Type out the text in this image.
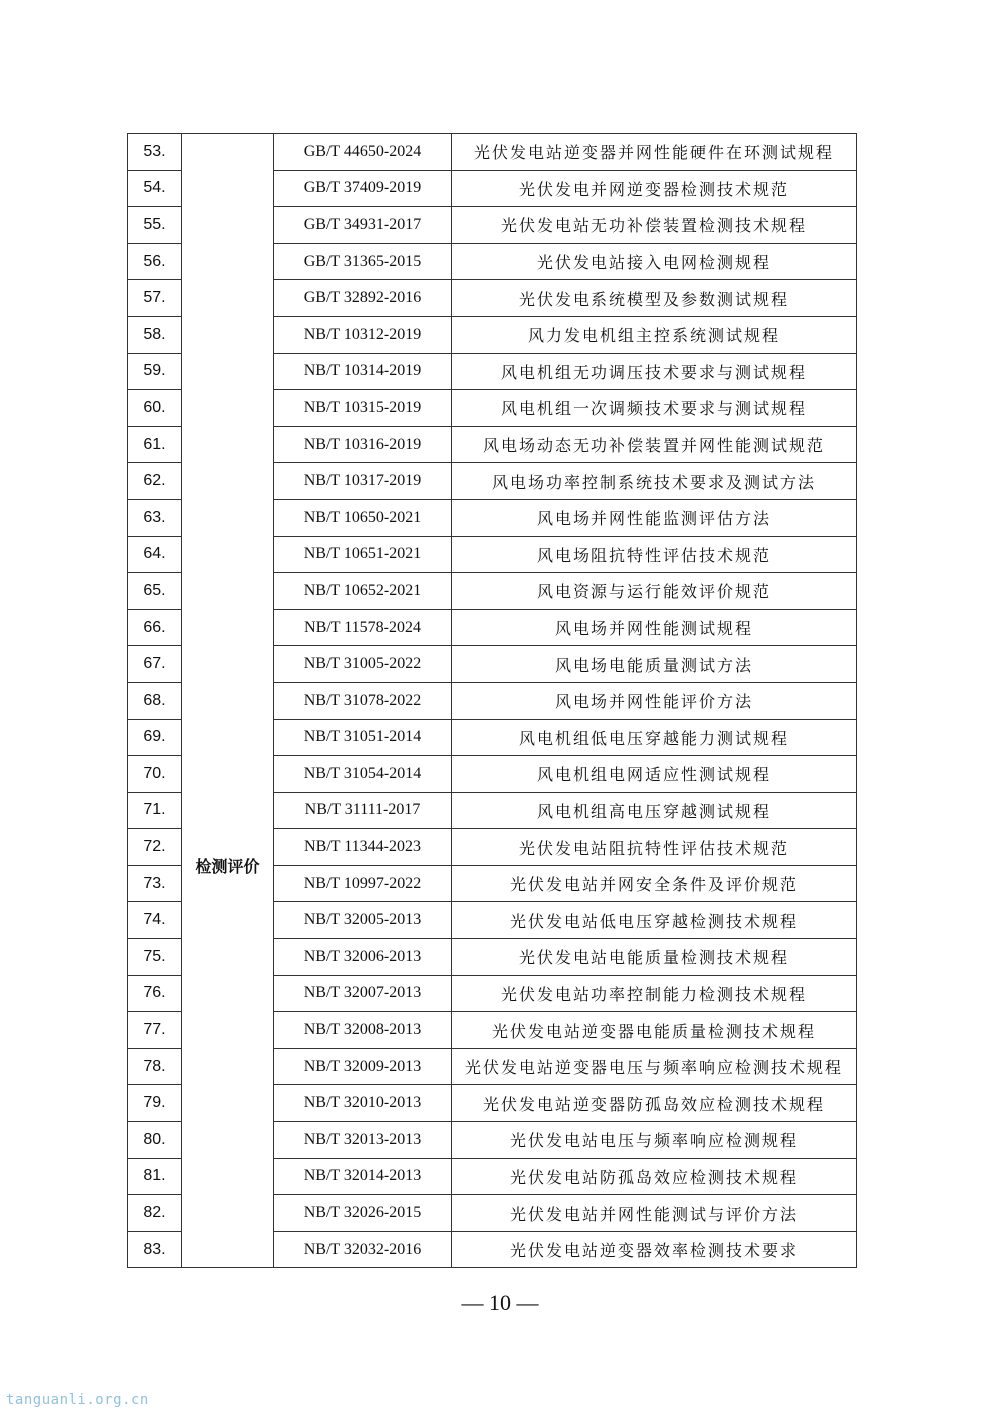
53.	检测评价	GB/T 44650-2024	光伏发电站逆变器并网性能硬件在环测试规程
54.		GB/T 37409-2019	光伏发电并网逆变器检测技术规范
55.		GB/T 34931-2017	光伏发电站无功补偿装置检测技术规程
56.		GB/T 31365-2015	光伏发电站接入电网检测规程
57.		GB/T 32892-2016	光伏发电系统模型及参数测试规程
58.		NB/T 10312-2019	风力发电机组主控系统测试规程
59.		NB/T 10314-2019	风电机组无功调压技术要求与测试规程
60.		NB/T 10315-2019	风电机组一次调频技术要求与测试规程
61.		NB/T 10316-2019	风电场动态无功补偿装置并网性能测试规范
62.		NB/T 10317-2019	风电场功率控制系统技术要求及测试方法
63.		NB/T 10650-2021	风电场并网性能监测评估方法
64.		NB/T 10651-2021	风电场阻抗特性评估技术规范
65.		NB/T 10652-2021	风电资源与运行能效评价规范
66.		NB/T 11578-2024	风电场并网性能测试规程
67.		NB/T 31005-2022	风电场电能质量测试方法
68.		NB/T 31078-2022	风电场并网性能评价方法
69.		NB/T 31051-2014	风电机组低电压穿越能力测试规程
70.		NB/T 31054-2014	风电机组电网适应性测试规程
71.		NB/T 31111-2017	风电机组高电压穿越测试规程
72.		NB/T 11344-2023	光伏发电站阻抗特性评估技术规范
73.		NB/T 10997-2022	光伏发电站并网安全条件及评价规范
74.		NB/T 32005-2013	光伏发电站低电压穿越检测技术规程
75.		NB/T 32006-2013	光伏发电站电能质量检测技术规程
76.		NB/T 32007-2013	光伏发电站功率控制能力检测技术规程
77.		NB/T 32008-2013	光伏发电站逆变器电能质量检测技术规程
78.		NB/T 32009-2013	光伏发电站逆变器电压与频率响应检测技术规程
79.		NB/T 32010-2013	光伏发电站逆变器防孤岛效应检测技术规程
80.		NB/T 32013-2013	光伏发电站电压与频率响应检测规程
81.		NB/T 32014-2013	光伏发电站防孤岛效应检测技术规程
82.		NB/T 32026-2015	光伏发电站并网性能测试与评价方法
83.		NB/T 32032-2016	光伏发电站逆变器效率检测技术要求
— 10 —
tanguanli.org.cn
